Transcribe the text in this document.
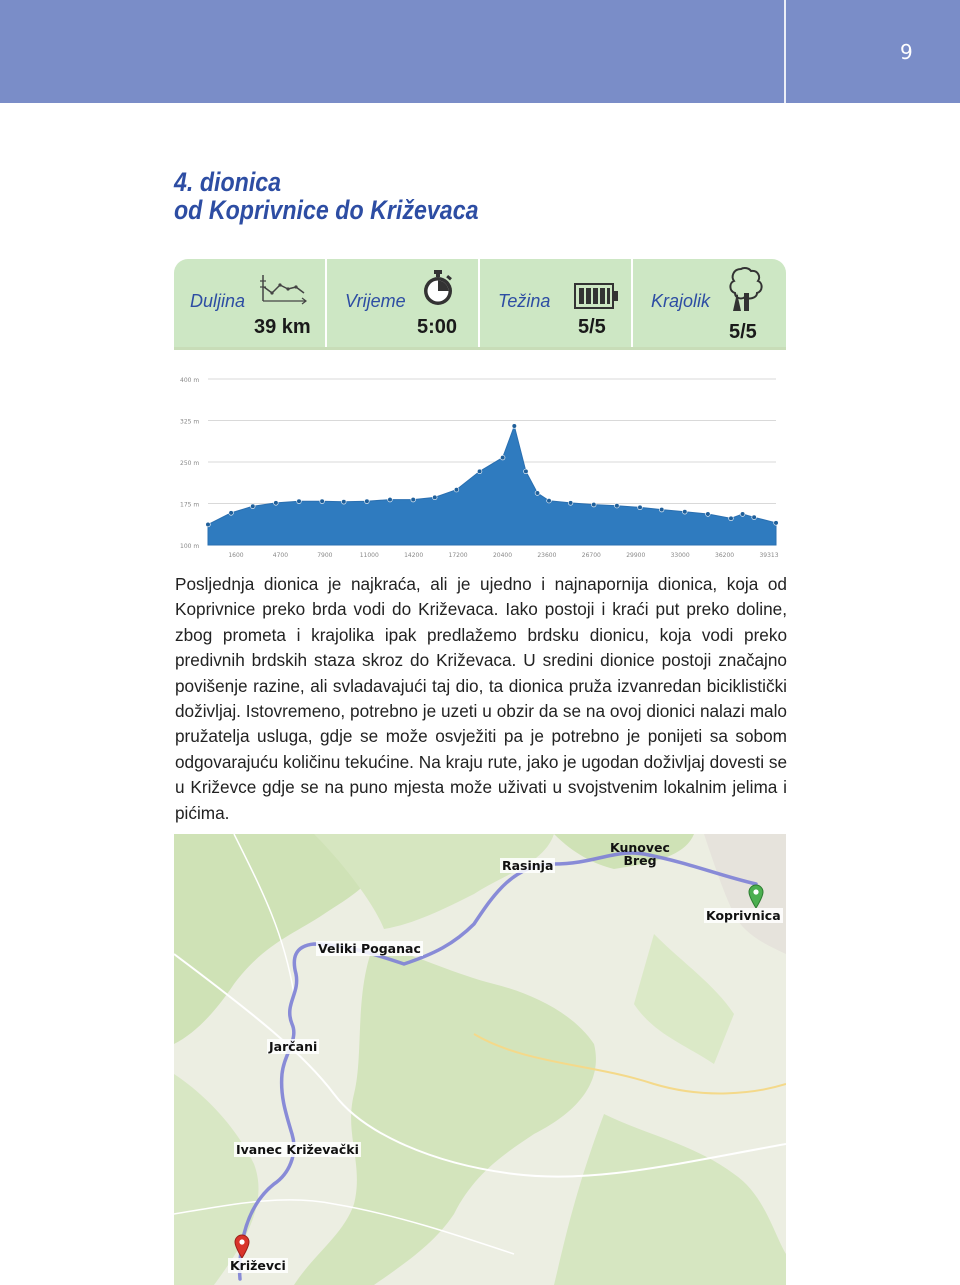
9
4. dionica
od Koprivnice do Križevaca
Duljina
39 km
Vrijeme
5:00
Težina
5/5
Krajolik
5/5
400 m
325 m
250 m
175 m
100 m
1600	4700	7900	11000	14200	17200	20400	23600	26700	29900	33000	36200	39313
Posljednja dionica je najkraća, ali je ujedno i najnapornija dionica, koja od Koprivnice preko brda vodi do Križevaca. Iako postoji i kraći put preko doline, zbog prometa i krajolika ipak predlažemo brdsku dionicu, koja vodi preko predivnih brdskih staza skroz do Križevaca. U sredini dionice postoji značajno povišenje razine, ali svladavajući taj dio, ta dionica pruža izvanredan biciklistički doživljaj. Istovremeno, potrebno je uzeti u obzir da se na ovoj dionici nalazi malo pružatelja usluga, gdje se može osvježiti pa je potrebno je ponijeti sa sobom odgovarajuću količinu tekućine. Na kraju rute, jako je ugodan doživljaj dovesti se u Križevce gdje se na puno mjesta može uživati u svojstvenim lokalnim jelima i pićima.
Rasinja
Kunovec Breg
Koprivnica
Veliki Poganac
Jarčani
Ivanec Križevački
Križevci
